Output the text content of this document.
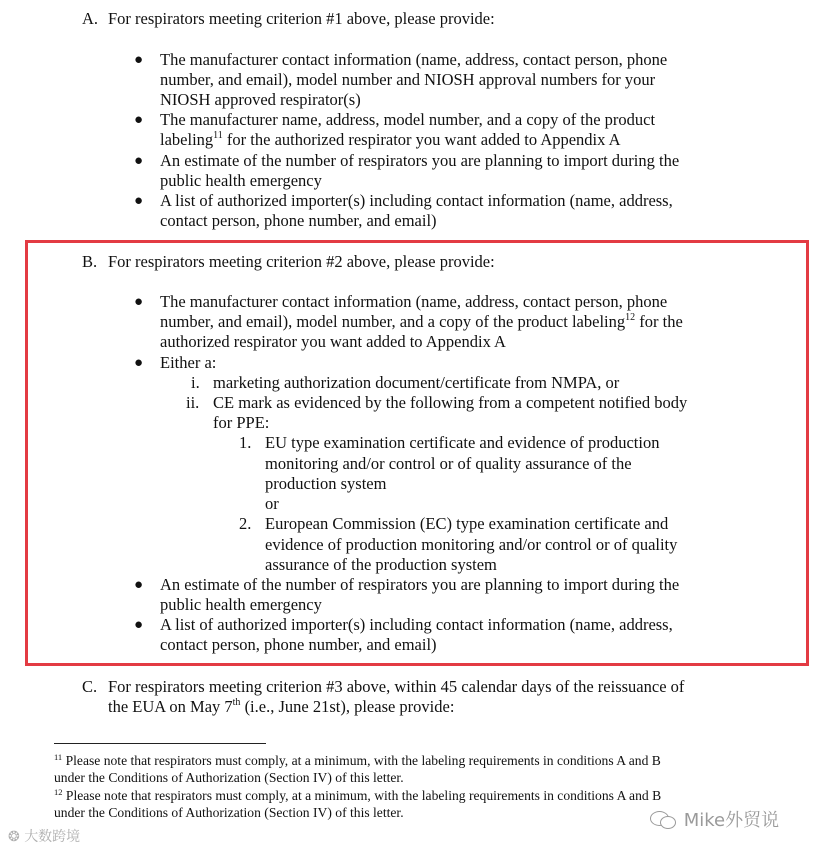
A. For respirators meeting criterion #1 above, please provide:
● The manufacturer contact information (name, address, contact person, phone
number, and email), model number and NIOSH approval numbers for your
NIOSH approved respirator(s)
● The manufacturer name, address, model number, and a copy of the product
labeling$^{11}$ for the authorized respirator you want added to Appendix A
● An estimate of the number of respirators you are planning to import during the
public health emergency
● A list of authorized importer(s) including contact information (name, address,
contact person, phone number, and email)
B. For respirators meeting criterion #2 above, please provide:
● The manufacturer contact information (name, address, contact person, phone
number, and email), model number, and a copy of the product labeling$^{12}$ for the
authorized respirator you want added to Appendix A
● Either a:
i. marketing authorization document/certificate from NMPA, or
ii. CE mark as evidenced by the following from a competent notified body
for PPE:
1. EU type examination certificate and evidence of production
monitoring and/or control or of quality assurance of the
production system
or
2. European Commission (EC) type examination certificate and
evidence of production monitoring and/or control or of quality
assurance of the production system
● An estimate of the number of respirators you are planning to import during the
public health emergency
● A list of authorized importer(s) including contact information (name, address,
contact person, phone number, and email)
C. For respirators meeting criterion #3 above, within 45 calendar days of the reissuance of
the EUA on May 7th (i.e., June 21st), please provide:
$^{11}$ Please note that respirators must comply, at a minimum, with the labeling requirements in conditions A and B
under the Conditions of Authorization (Section IV) of this letter.
$^{12}$ Please note that respirators must comply, at a minimum, with the labeling requirements in conditions A and B
under the Conditions of Authorization (Section IV) of this letter.
❂ 大数跨境
Mike外贸说
